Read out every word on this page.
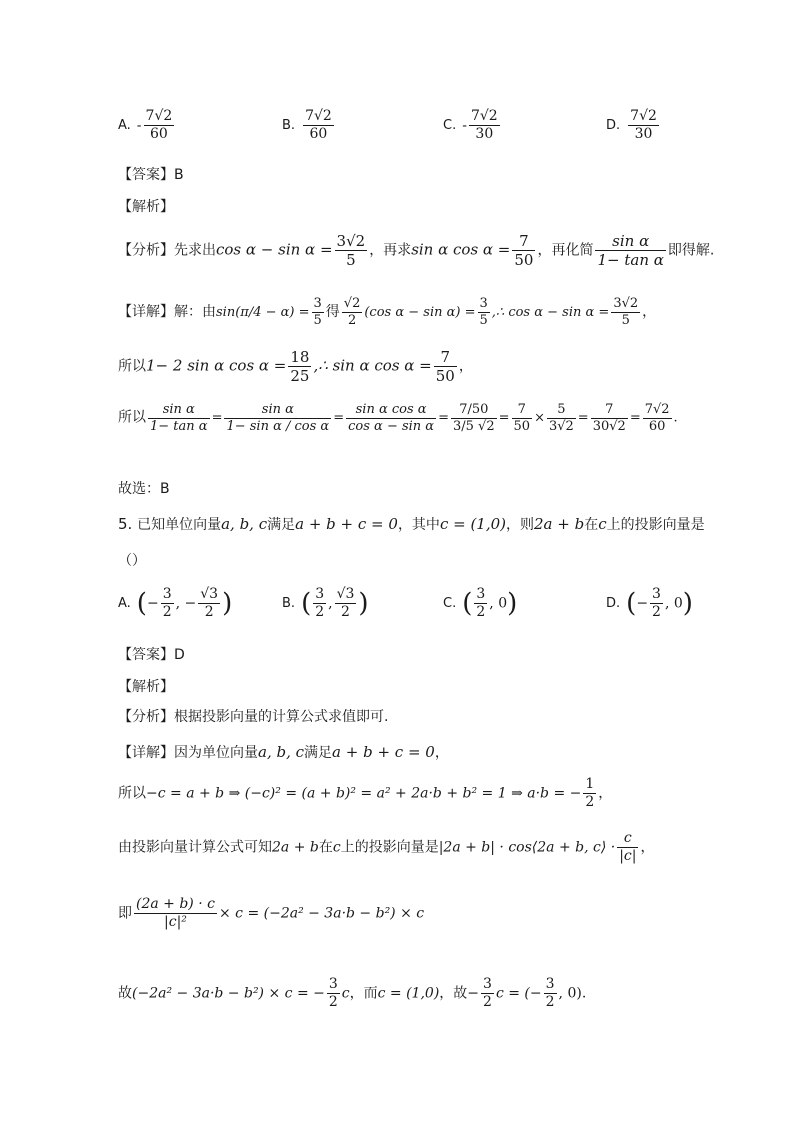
A. - $\frac{7√2}{60}$	B. $\frac{7√2}{60}$	C. - $\frac{7√2}{30}$	D. $\frac{7√2}{30}$
【答案】B
【解析】
【分析】先求出$\cos \alpha - \sin \alpha = \frac{3√2}{5}$ ，再求sin α $\cos \alpha = \frac{7}{50}$ ，再化简 $\frac{\text{sin α}}{\text{1− tan α}}$ 即得解.
【详解】解：由$\sin(\pi/4 - \alpha) = \frac{3}{5}$ 得 $\frac{√2}{2} (\cos$ $\alpha - \sin \alpha) = \frac{3}{5}$ ,∴ $\cos \alpha - \sin \alpha = \frac{3√2}{5}$ ，
所以1− 2 sin α $\cos \alpha = \frac{18}{25}$ ,∴ sin α $\cos \alpha = \frac{7}{50}$ ，
所以 $\frac{\text{sin α}}{\text{1− tan α}} = \frac{\text{sin α}}{\text{1− sin α / cos α}} = \frac{\text{sin α cos α}}{\text{cos α − sin α}} = \frac{7/50}{3/5 √2} = \frac{7}{50} \times \frac{5}{3√2} = \frac{7}{30√2} = \frac{7√2}{60}$ .
故选：B
5. 已知单位向量a, b, c满足a + b + c = 0，其中c = (1,0)，则2a + b在c上的投影向量是
（）
A. (− $\frac{3}{2}$ , − $\frac{√3}{2}$ )	B. ( $\frac{3}{2}$ , $\frac{√3}{2}$ )	C. ( $\frac{3}{2}$ , 0)	D. (− $\frac{3}{2}$ , 0)
【答案】D
【解析】
【分析】根据投影向量的计算公式求值即可.
【详解】因为单位向量a, b, c满足a + b + c = 0，
所以−c = a + b ⇒ (−c)² = (a + b)² = a² + 2a·b + b² = 1 ⇒ a·b = − $\frac{1}{2}$ ，
由投影向量计算公式可知2a + b在c上的投影向量是|2a + b| · cos⟨2a + b, c⟩ · $\frac{c}{|c|}$ ，
即 $\frac{(2a + b) \cdot c}{\text{|c|²}} \times c = (-2a^2 - 3a\cdot b - b^2) \times c$
故(−2a² − 3a·b − b²) × c = − $\frac{3}{2}$ c，而c = (1,0)，故− $\frac{3}{2}$ c = (− $\frac{3}{2}$ , 0).
